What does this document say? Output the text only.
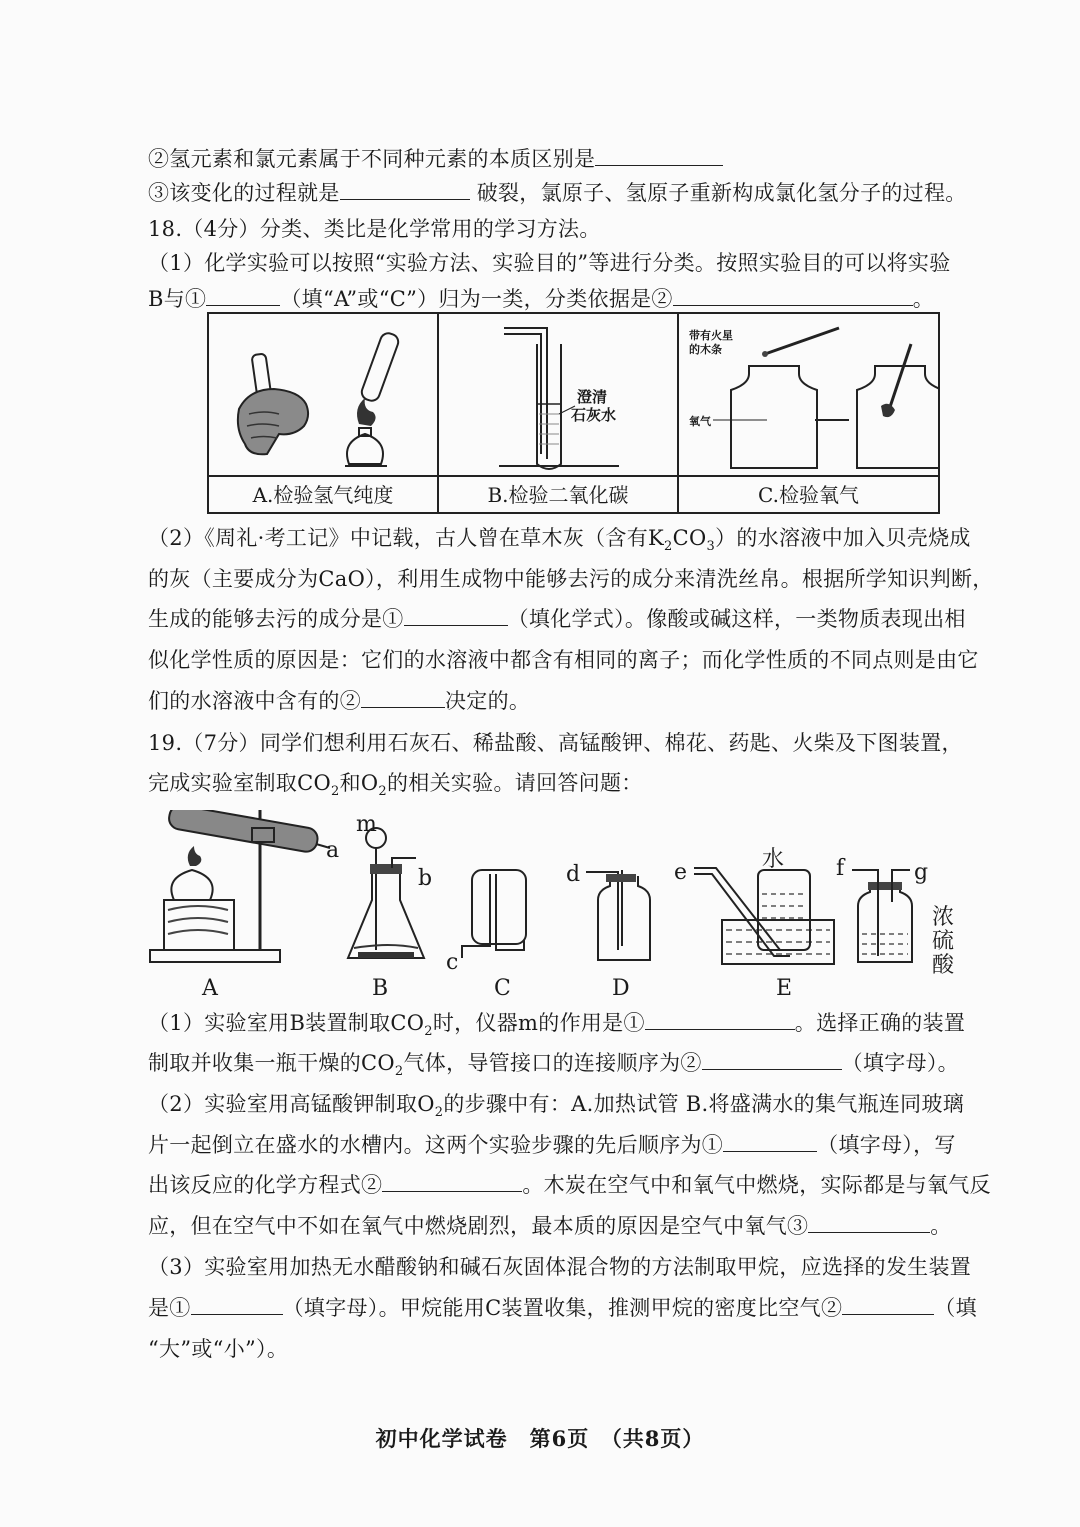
②氢元素和氯元素属于不同种元素的本质区别是
③该变化的过程就是	破裂，氯原子、氢原子重新构成氯化氢分子的过程。
18.（4分）分类、类比是化学常用的学习方法。
（1）化学实验可以按照“实验方法、实验目的”等进行分类。按照实验目的可以将实验
B与①	（填“A”或“C”）归为一类，分类依据是②	。
A.检验氢气纯度
澄清
石灰水
B.检验二氧化碳
带有火星
的木条
氧气
C.检验氧气
（2）《周礼·考工记》中记载，古人曾在草木灰（含有$K_2CO_3$）的水溶液中加入贝壳烧成
的灰（主要成分为CaO），利用生成物中能够去污的成分来清洗丝帛。根据所学知识判断，
生成的能够去污的成分是①	（填化学式）。像酸或碱这样，一类物质表现出相
似化学性质的原因是：它们的水溶液中都含有相同的离子；而化学性质的不同点则是由它
们的水溶液中含有的②	决定的。
19.（7分）同学们想利用石灰石、稀盐酸、高锰酸钾、棉花、药匙、火柴及下图装置，
完成实验室制取$CO_2$和$O_2$的相关实验。请回答问题：
a
m
b
c
d	e
水 f	g
浓
硫
酸
A	B	C	D	E
（1）实验室用B装置制取$CO_2$时，仪器m的作用是①	。选择正确的装置
制取并收集一瓶干燥的$CO_2$气体，导管接口的连接顺序为②	（填字母）。
（2）实验室用高锰酸钾制取$O_2$的步骤中有：A.加热试管 B.将盛满水的集气瓶连同玻璃
片一起倒立在盛水的水槽内。这两个实验步骤的先后顺序为①	（填字母），写
出该反应的化学方程式②	。木炭在空气中和氧气中燃烧，实际都是与氧气反
应，但在空气中不如在氧气中燃烧剧烈，最本质的原因是空气中氧气③	。
（3）实验室用加热无水醋酸钠和碱石灰固体混合物的方法制取甲烷，应选择的发生装置
是①	（填字母）。甲烷能用C装置收集，推测甲烷的密度比空气②	（填
“大”或“小”）。
初中化学试卷　第6页　（共8页）
